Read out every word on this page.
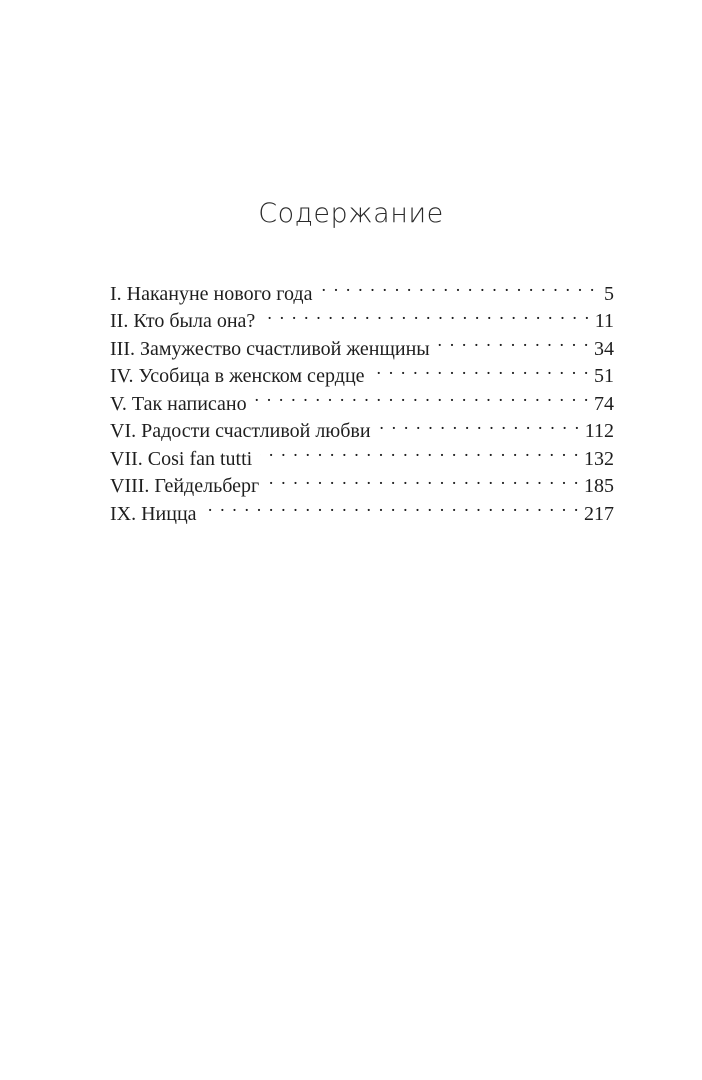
Содержание
I. Накануне нового года . . .	5
II. Кто была она? . . .	11
III. Замужество счастливой женщины . . .	34
IV. Усобица в женском сердце . . .	51
V. Так написано . . .	74
VI. Радости счастливой любви . . .	112
VII. Cosi fan tutti . . .	132
VIII. Гейдельберг . . .	185
IX. Ницца . . .	217
